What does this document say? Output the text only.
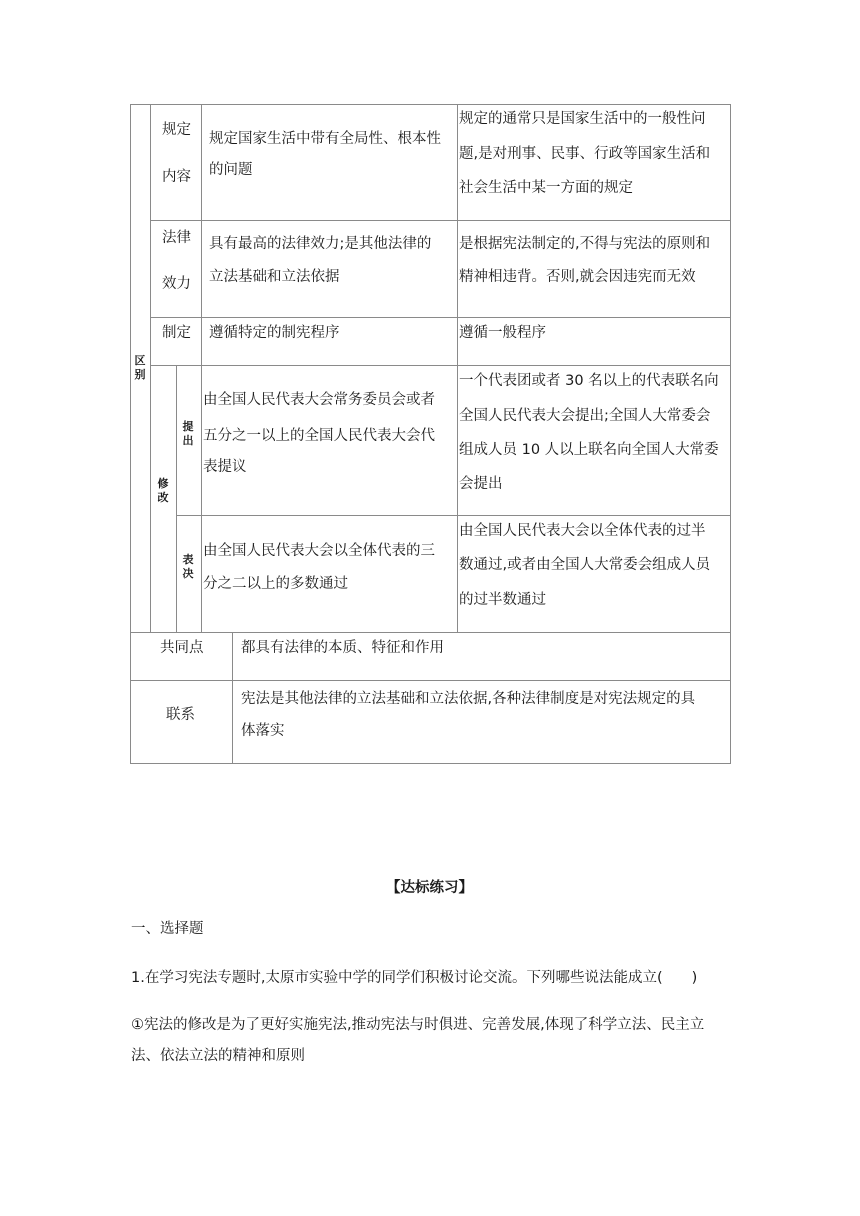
区别
规定
内容
规定国家生活中带有全局性、根本性
的问题
规定的通常只是国家生活中的一般性问
题,是对刑事、民事、行政等国家生活和
社会生活中某一方面的规定
法律
效力
具有最高的法律效力;是其他法律的
立法基础和立法依据
是根据宪法制定的,不得与宪法的原则和
精神相违背。否则,就会因违宪而无效
制定 遵循特定的制宪程序	遵循一般程序
修改
提出
表决
由全国人民代表大会常务委员会或者
五分之一以上的全国人民代表大会代
表提议
一个代表团或者 30 名以上的代表联名向
全国人民代表大会提出;全国人大常委会
组成人员 10 人以上联名向全国人大常委
会提出
由全国人民代表大会以全体代表的三
分之二以上的多数通过
由全国人民代表大会以全体代表的过半
数通过,或者由全国人大常委会组成人员
的过半数通过
共同点	都具有法律的本质、特征和作用
联系
宪法是其他法律的立法基础和立法依据,各种法律制度是对宪法规定的具
体落实
【达标练习】
一、选择题
1.在学习宪法专题时,太原市实验中学的同学们积极讨论交流。下列哪些说法能成立(　　)
①宪法的修改是为了更好实施宪法,推动宪法与时俱进、完善发展,体现了科学立法、民主立
法、依法立法的精神和原则
